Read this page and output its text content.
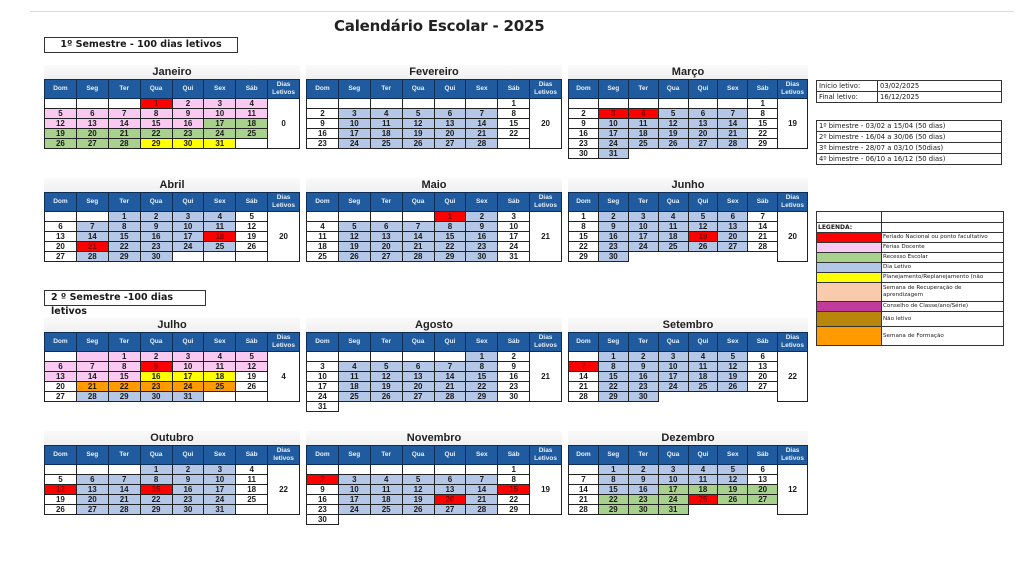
Calendário Escolar - 2025
1º Semestre - 100 dias letivos
2 º Semestre -100 dias letivos
Janeiro
Dom	Seg	Ter	Qua	Qui	Sex	Sáb	Dias Letivos
			1	2	3	4	0
5	6	7	8	9	10	11	
12	13	14	15	16	17	18	
19	20	21	22	23	24	25	
26	27	28	29	30	31		
Fevereiro
Dom	Seg	Ter	Qua	Qui	Sex	Sáb	Dias Letivos
						1	20
2	3	4	5	6	7	8	
9	10	11	12	13	14	15	
16	17	18	19	20	21	22	
23	24	25	26	27	28		
Março
Dom	Seg	Ter	Qua	Qui	Sex	Sáb	Dias Letivos
						1	19
2	3	4	5	6	7	8	
9	10	11	12	13	14	15	
16	17	18	19	20	21	22	
23	24	25	26	27	28	29	
30	31						
Abril
Dom	Seg	Ter	Qua	Qui	Sex	Sáb	Dias Letivos
		1	2	3	4	5	20
6	7	8	9	10	11	12	
13	14	15	16	17	18	19	
20	21	22	23	24	25	26	
27	28	29	30				
Maio
Dom	Seg	Ter	Qua	Qui	Sex	Sáb	Dias Letivos
				1	2	3	21
4	5	6	7	8	9	10	
11	12	13	14	15	16	17	
18	19	20	21	22	23	24	
25	26	27	28	29	30	31	
Junho
Dom	Seg	Ter	Qua	Qui	Sex	Sáb	Dias Letivos
1	2	3	4	5	6	7	20
8	9	10	11	12	13	14	
15	16	17	18	19	20	21	
22	23	24	25	26	27	28	
29	30						
Julho
Dom	Seg	Ter	Qua	Qui	Sex	Sáb	Dias Letivos
		1	2	3	4	5	4
6	7	8	9	10	11	12	
13	14	15	16	17	18	19	
20	21	22	23	24	25	26	
27	28	29	30	31			
Agosto
Dom	Seg	Ter	Qua	Qui	Sex	Sáb	Dias Letivos
					1	2	21
3	4	5	6	7	8	9	
10	11	12	13	14	15	16	
17	18	19	20	21	22	23	
24	25	26	27	28	29	30	
31							
Setembro
Dom	Seg	Ter	Qua	Qui	Sex	Sáb	Dias Letivos
	1	2	3	4	5	6	22
7	8	9	10	11	12	13	
14	15	16	17	18	19	20	
21	22	23	24	25	26	27	
28	29	30					
Outubro
Dom	Seg	Ter	Qua	Qui	Sex	Sáb	Dias letivos
			1	2	3	4	22
5	6	7	8	9	10	11	
12	13	14	15	16	17	18	
19	20	21	22	23	24	25	
26	27	28	29	30	31		
Novembro
Dom	Seg	Ter	Qua	Qui	Sex	Sáb	Dias Letivos
						1	19
2	3	4	5	6	7	8	
9	10	11	12	13	14	15	
16	17	18	19	20	21	22	
23	24	25	26	27	28	29	
30							
Dezembro
Dom	Seg	Ter	Qua	Qui	Sex	Sáb	Dias Letivos
	1	2	3	4	5	6	12
7	8	9	10	11	12	13	
14	15	16	17	18	19	20	
21	22	23	24	25	26	27	
28	29	30	31				
Inicio letivo:	03/02/2025
Final letivo:	16/12/2025
1º bimestre - 03/02 a 15/04 (50 dias)
2º bimestre - 16/04 a 30/06 (50 dias)
3º bimestre - 28/07 a 03/10 (50dias)
4º bimestre - 06/10 a 16/12 (50 dias)

LEGENDA:	
	Feriado Nacional ou ponto facultativo
	Férias Docente
	Recesso Escolar
	Dia Letivo
	Planejamento/Replanejamento (não
	Semana de Recuperação de aprendizagem
	Conselho de Classe/ano/Série)
	Não letivo
	Semana de Formação
